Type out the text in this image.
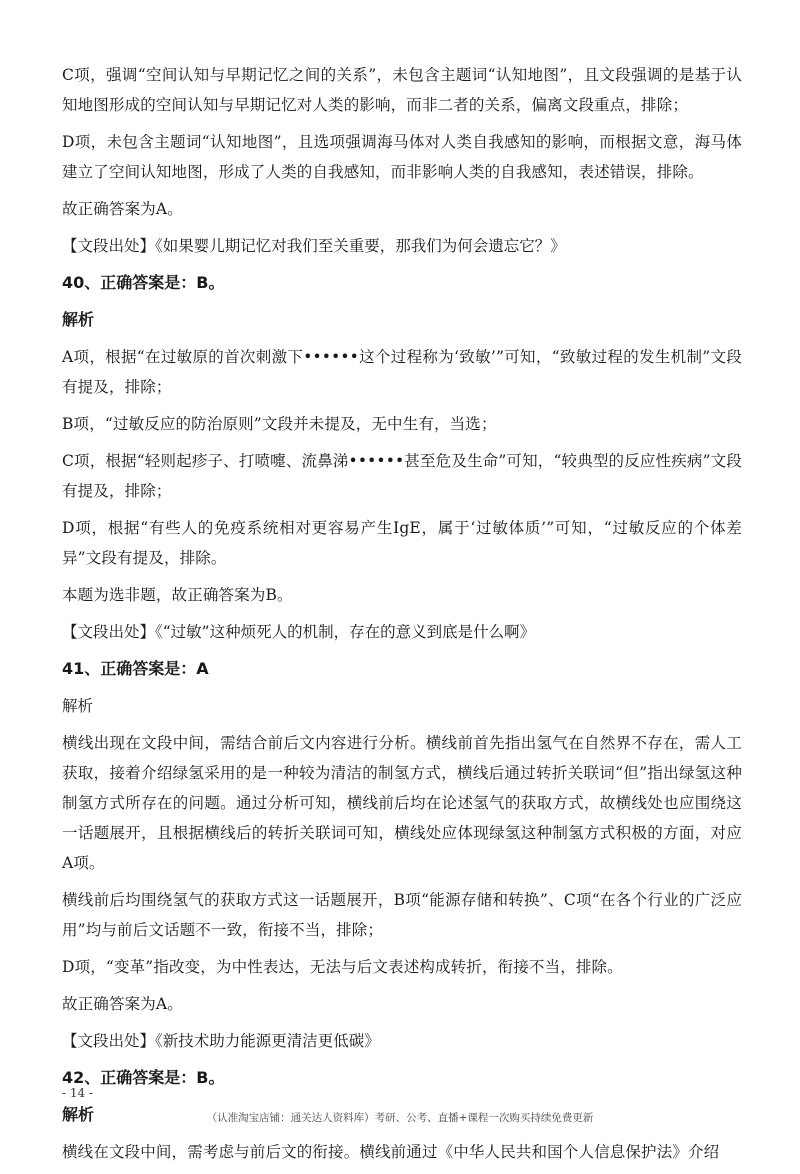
C项，强调“空间认知与早期记忆之间的关系”，未包含主题词“认知地图”，且文段强调的是基于认知地图形成的空间认知与早期记忆对人类的影响，而非二者的关系，偏离文段重点，排除；

D项，未包含主题词“认知地图”，且选项强调海马体对人类自我感知的影响，而根据文意，海马体建立了空间认知地图，形成了人类的自我感知，而非影响人类的自我感知，表述错误，排除。

故正确答案为A。

【文段出处】《如果婴儿期记忆对我们至关重要，那我们为何会遗忘它？》

40、正确答案是：B。

解析

A项，根据“在过敏原的首次刺激下••••••这个过程称为‘致敏’”可知，“致敏过程的发生机制”文段有提及，排除；

B项，“过敏反应的防治原则”文段并未提及，无中生有，当选；

C项，根据“轻则起疹子、打喷嚏、流鼻涕••••••甚至危及生命”可知，“较典型的反应性疾病”文段有提及，排除；

D项，根据“有些人的免疫系统相对更容易产生IgE，属于‘过敏体质’”可知，“过敏反应的个体差异”文段有提及，排除。

本题为选非题，故正确答案为B。

【文段出处】《“过敏”这种烦死人的机制，存在的意义到底是什么啊》

41、正确答案是：A

解析

横线出现在文段中间，需结合前后文内容进行分析。横线前首先指出氢气在自然界不存在，需人工获取，接着介绍绿氢采用的是一种较为清洁的制氢方式，横线后通过转折关联词“但”指出绿氢这种制氢方式所存在的问题。通过分析可知，横线前后均在论述氢气的获取方式，故横线处也应围绕这一话题展开，且根据横线后的转折关联词可知，横线处应体现绿氢这种制氢方式积极的方面，对应A项。

横线前后均围绕氢气的获取方式这一话题展开，B项“能源存储和转换”、C项“在各个行业的广泛应用”均与前后文话题不一致，衔接不当，排除；

D项，“变革”指改变，为中性表达，无法与后文表述构成转折，衔接不当，排除。

故正确答案为A。

【文段出处】《新技术助力能源更清洁更低碳》

42、正确答案是：B。

解析

横线在文段中间，需考虑与前后文的衔接。横线前通过《中华人民共和国个人信息保护法》介绍

- 14 -
（认准淘宝店铺：通关达人资料库）考研、公考、直播+课程一次购买持续免费更新
